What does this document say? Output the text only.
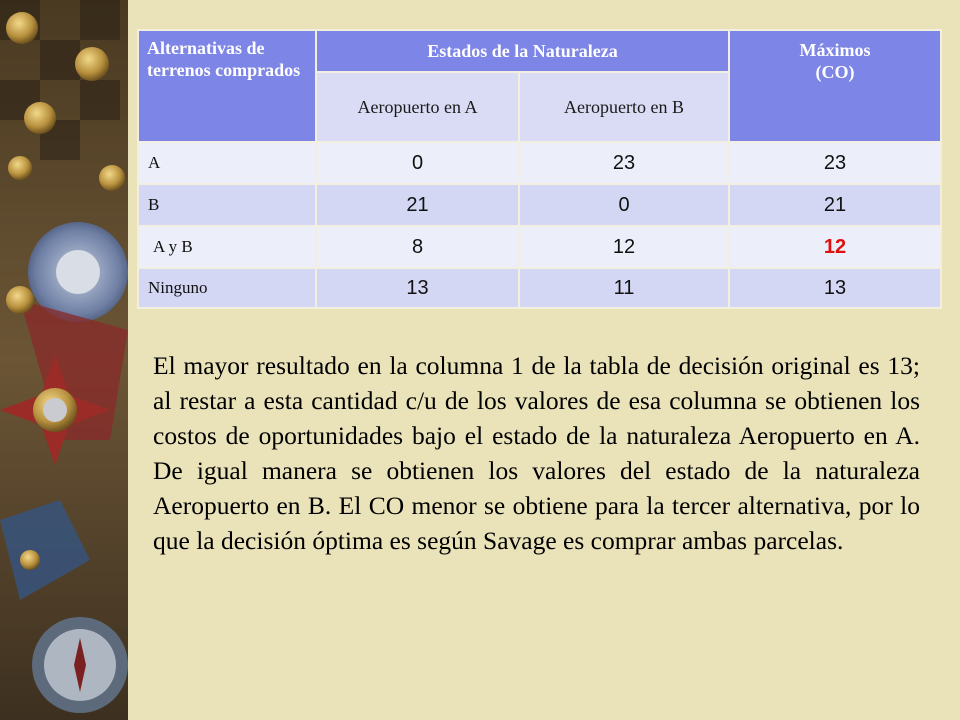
Alternativas de terrenos comprados	Estados de la Naturaleza		Máximos
(CO)

	Aeropuerto en A	Aeropuerto en B	

A	0	23	23
B	21	0	21
A y B	8	12	12
Ninguno	13	11	13

El mayor resultado en la columna 1 de la tabla de decisión original es 13; al restar a esta cantidad c/u de los valores de esa columna se obtienen los costos de oportunidades bajo el estado de la naturaleza Aeropuerto en A. De igual manera se obtienen los valores del estado de la naturaleza Aeropuerto en B. El CO menor se obtiene para la tercer alternativa, por lo que la decisión óptima es según Savage es comprar ambas parcelas.
